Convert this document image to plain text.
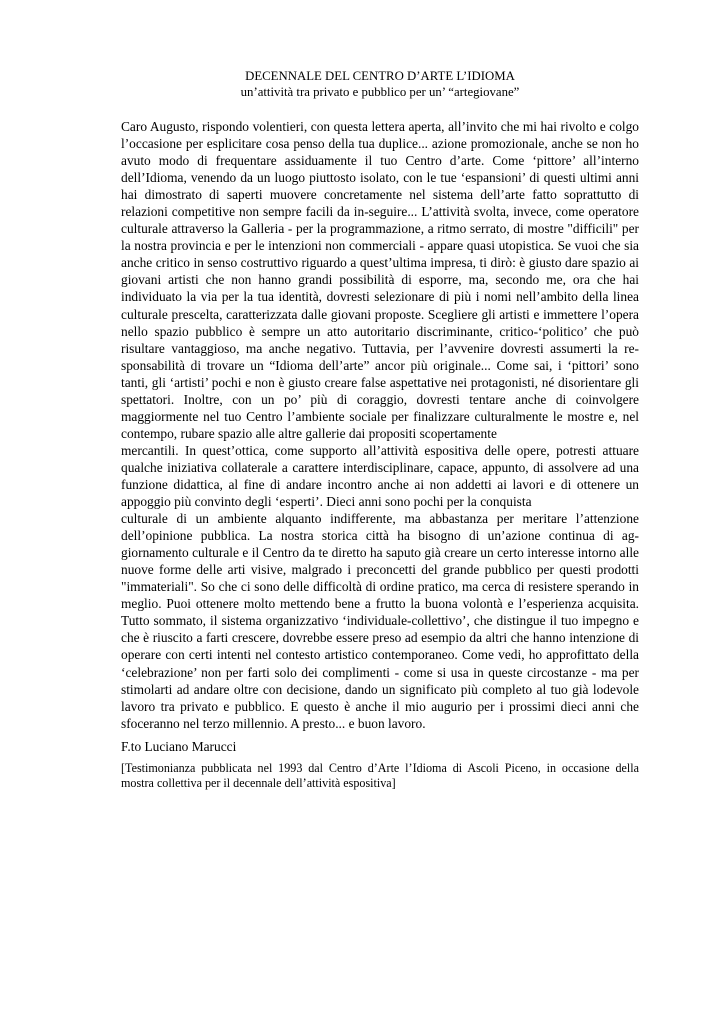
DECENNALE DEL CENTRO D’ARTE L’IDIOMA
un’attività tra privato e pubblico per un’ “artegiovane”
Caro Augusto, rispondo volentieri, con questa lettera aperta, all’invito che mi hai rivolto e colgo
l’occasione per esplicitare cosa penso della tua duplice... azione promozionale, anche se non ho
avuto modo di frequentare assiduamente il tuo Centro d’arte. Come ‘pittore’ all’interno
dell’Idioma, venendo da un luogo piuttosto isolato, con le tue ‘espansioni’ di questi ultimi anni
hai dimostrato di saperti muovere concretamente nel sistema dell’arte fatto soprattutto di
relazioni competitive non sempre facili da in-seguire... L’attività svolta, invece, come operatore
culturale attraverso la Galleria - per la programmazione, a ritmo serrato, di mostre "difficili" per
la nostra provincia e per le intenzioni non commerciali - appare quasi utopistica. Se vuoi che sia
anche critico in senso costruttivo riguardo a quest’ultima impresa, ti dirò: è giusto dare spazio ai
giovani artisti che non hanno grandi possibilità di esporre, ma, secondo me, ora che hai
individuato la via per la tua identità, dovresti selezionare di più i nomi nell’ambito della linea
culturale prescelta, caratterizzata dalle giovani proposte. Scegliere gli artisti e immettere l’opera
nello spazio pubblico è sempre un atto autoritario discriminante, critico-‘politico’ che può
risultare vantaggioso, ma anche negativo. Tuttavia, per l’avvenire dovresti assumerti la re-
sponsabilità di trovare un “Idioma dell’arte” ancor più originale... Come sai, i ‘pittori’ sono
tanti, gli ‘artisti’ pochi e non è giusto creare false aspettative nei protagonisti, né disorientare gli
spettatori. Inoltre, con un po’ più di coraggio, dovresti tentare anche di coinvolgere
maggiormente nel tuo Centro l’ambiente sociale per finalizzare culturalmente le mostre e, nel
contempo, rubare spazio alle altre gallerie dai propositi scopertamente
mercantili. In quest’ottica, come supporto all’attività espositiva delle opere, potresti attuare
qualche iniziativa collaterale a carattere interdisciplinare, capace, appunto, di assolvere ad una
funzione didattica, al fine di andare incontro anche ai non addetti ai lavori e di ottenere un
appoggio più convinto degli ‘esperti’. Dieci anni sono pochi per la conquista
culturale di un ambiente alquanto indifferente, ma abbastanza per meritare l’attenzione
dell’opinione pubblica. La nostra storica città ha bisogno di un’azione continua di ag-
giornamento culturale e il Centro da te diretto ha saputo già creare un certo interesse intorno alle
nuove forme delle arti visive, malgrado i preconcetti del grande pubblico per questi prodotti
"immateriali". So che ci sono delle difficoltà di ordine pratico, ma cerca di resistere sperando in
meglio. Puoi ottenere molto mettendo bene a frutto la buona volontà e l’esperienza acquisita.
Tutto sommato, il sistema organizzativo ‘individuale-collettivo’, che distingue il tuo impegno e
che è riuscito a farti crescere, dovrebbe essere preso ad esempio da altri che hanno intenzione di
operare con certi intenti nel contesto artistico contemporaneo. Come vedi, ho approfittato della
‘celebrazione’ non per farti solo dei complimenti - come si usa in queste circostanze - ma per
stimolarti ad andare oltre con decisione, dando un significato più completo al tuo già lodevole
lavoro tra privato e pubblico. E questo è anche il mio augurio per i prossimi dieci anni che
sfoceranno nel terzo millennio. A presto... e buon lavoro.
F.to Luciano Marucci
[Testimonianza pubblicata nel 1993 dal Centro d’Arte l’Idioma di Ascoli Piceno, in occasione della
mostra collettiva per il decennale dell’attività espositiva]
